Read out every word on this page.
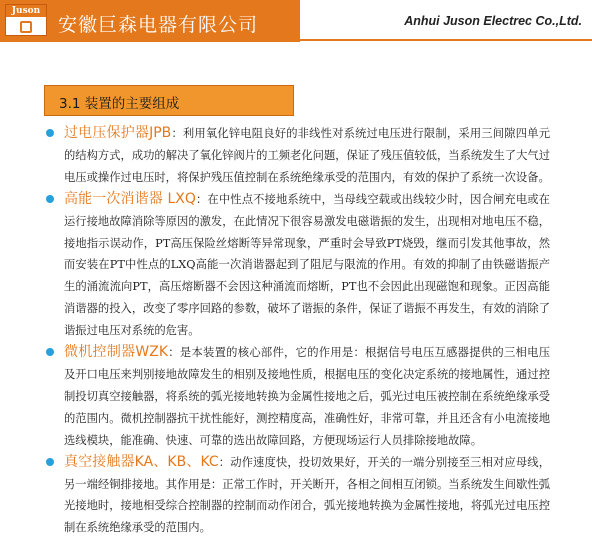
Juson
安徽巨森电器有限公司	Anhui Juson Electrec Co.,Ltd.
3.1 装置的主要组成
过电压保护器JPB：利用氧化锌电阻良好的非线性对系统过电压进行限制，采用三间隙四单元的结构方式，成功的解决了氧化锌阀片的工频老化问题，保证了残压值较低，当系统发生了大气过电压或操作过电压时，将保护残压值控制在系统绝缘承受的范围内，有效的保护了系统一次设备。
高能一次消谐器 LXQ：在中性点不接地系统中，当母线空载或出线较少时，因合闸充电或在运行接地故障消除等原因的激发，在此情况下很容易激发电磁谐振的发生，出现相对地电压不稳，接地指示误动作，PT高压保险丝熔断等异常现象，严重时会导致PT烧毁，继而引发其他事故，然而安装在PT中性点的LXQ高能一次消谐器起到了阻尼与限流的作用。有效的抑制了由铁磁谐振产生的涌流流向PT，高压熔断器不会因这种涌流而熔断，PT也不会因此出现磁饱和现象。正因高能消谐器的投入，改变了零序回路的参数，破坏了谐振的条件，保证了谐振不再发生，有效的消除了谐振过电压对系统的危害。
微机控制器WZK：是本装置的核心部件，它的作用是：根据信号电压互感器提供的三相电压及开口电压来判别接地故障发生的相别及接地性质，根据电压的变化决定系统的接地属性，通过控制投切真空接触器，将系统的弧光接地转换为金属性接地之后，弧光过电压被控制在系统绝缘承受的范围内。微机控制器抗干扰性能好，测控精度高，准确性好，非常可靠，并且还含有小电流接地选线模块，能准确、快速、可靠的选出故障回路，方便现场运行人员排除接地故障。
真空接触器KA、KB、KC：动作速度快，投切效果好，开关的一端分别接至三相对应母线，另一端经铜排接地。其作用是：正常工作时，开关断开，各相之间相互闭锁。当系统发生间歇性弧光接地时，接地相受综合控制器的控制而动作闭合，弧光接地转换为金属性接地，将弧光过电压控制在系统绝缘承受的范围内。
